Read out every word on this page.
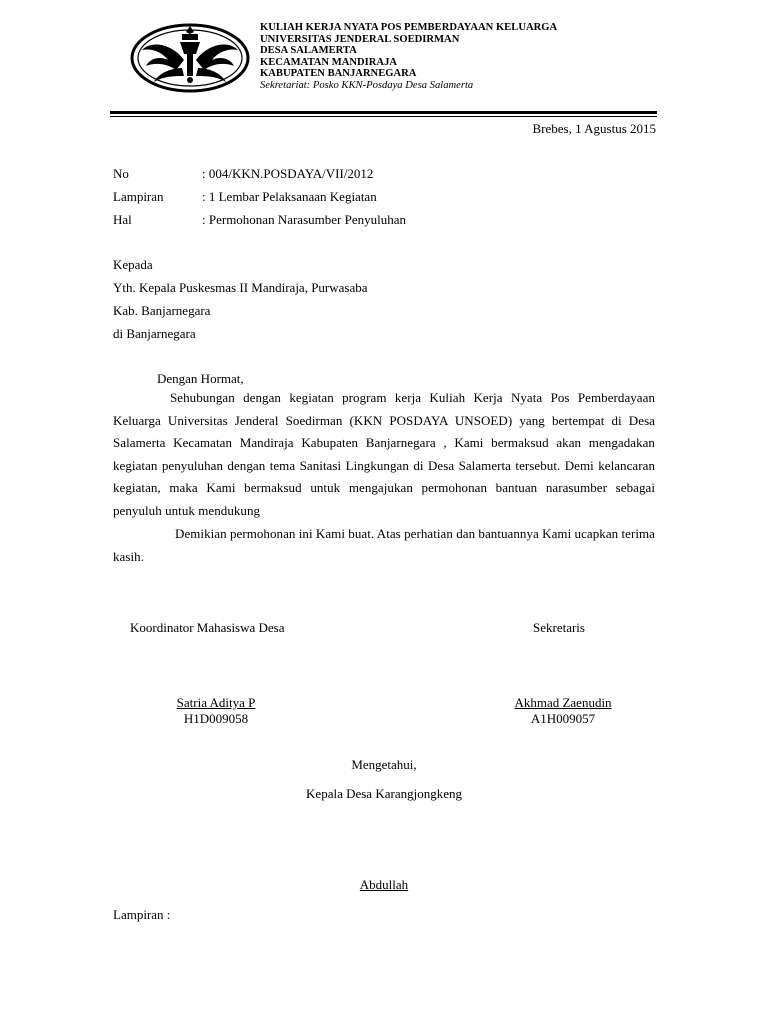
KULIAH KERJA NYATA POS PEMBERDAYAAN KELUARGA
UNIVERSITAS JENDERAL SOEDIRMAN
DESA SALAMERTA
KECAMATAN MANDIRAJA
KABUPATEN BANJARNEGARA
Sekretariat: Posko KKN-Posdaya Desa Salamerta
Brebes, 1 Agustus 2015
No	: 004/KKN.POSDAYA/VII/2012
Lampiran	: 1 Lembar Pelaksanaan Kegiatan
Hal	: Permohonan Narasumber Penyuluhan
Kepada
Yth. Kepala Puskesmas II Mandiraja, Purwasaba
Kab. Banjarnegara
di Banjarnegara
Dengan Hormat,
Sehubungan dengan kegiatan program kerja Kuliah Kerja Nyata Pos Pemberdayaan Keluarga Universitas Jenderal Soedirman (KKN POSDAYA UNSOED) yang bertempat di Desa Salamerta Kecamatan Mandiraja Kabupaten Banjarnegara , Kami bermaksud akan mengadakan kegiatan penyuluhan dengan tema Sanitasi Lingkungan di Desa Salamerta tersebut. Demi kelancaran kegiatan, maka Kami bermaksud untuk mengajukan permohonan bantuan narasumber sebagai penyuluh untuk mendukung
Demikian permohonan ini Kami buat. Atas perhatian dan bantuannya Kami ucapkan terima kasih.
Koordinator Mahasiswa Desa	Sekretaris
Satria Aditya P
H1D009058
Akhmad Zaenudin
A1H009057
Mengetahui,
Kepala Desa Karangjongkeng
Abdullah
Lampiran :
